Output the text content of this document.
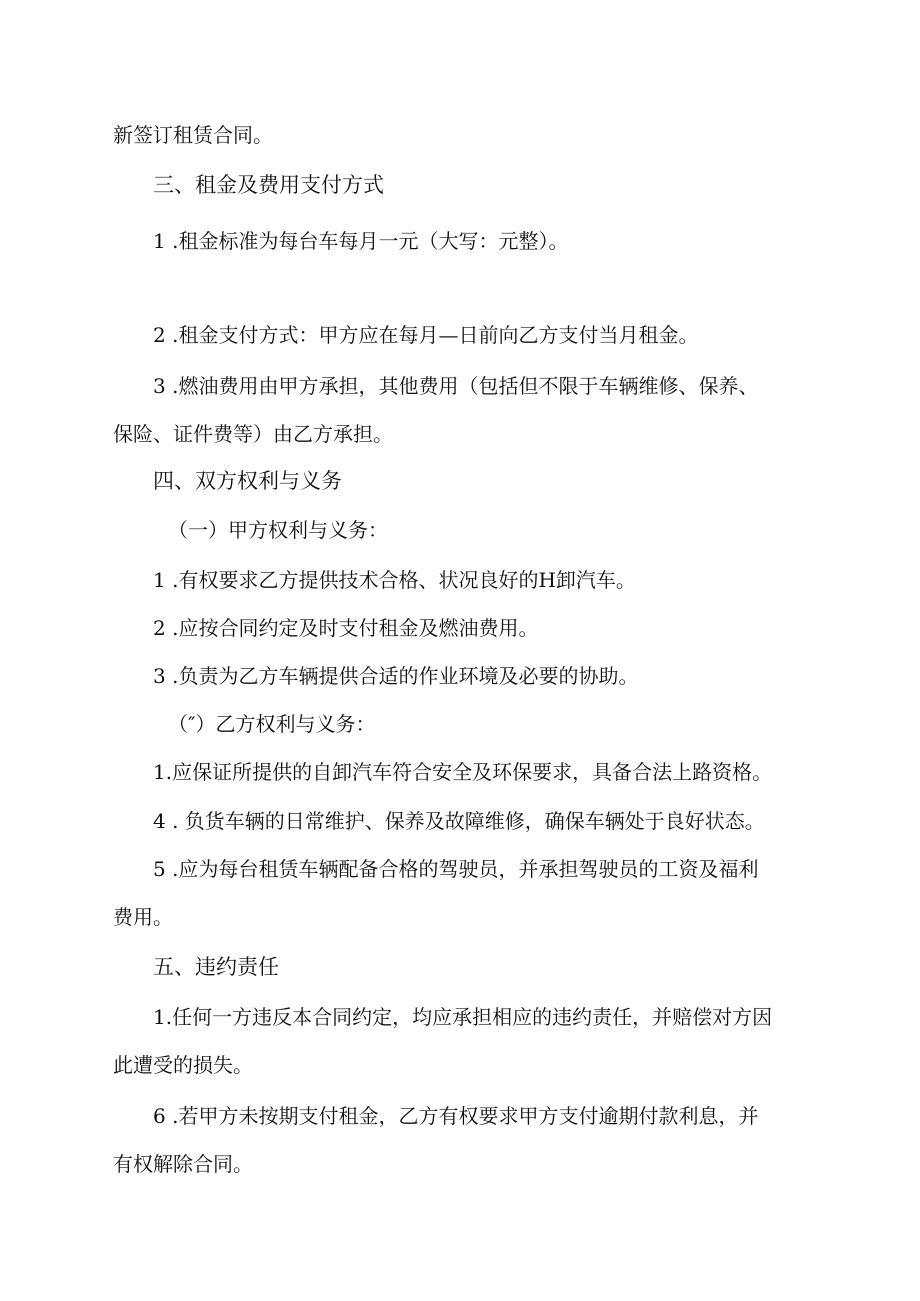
新签订租赁合同。
三、租金及费用支付方式
1 .租金标准为每台车每月一元（大写：元整）。
2 .租金支付方式：甲方应在每月—日前向乙方支付当月租金。
3 .燃油费用由甲方承担，其他费用（包括但不限于车辆维修、保养、
保险、证件费等）由乙方承担。
四、双方权利与义务
（一）甲方权利与义务：
1 .有权要求乙方提供技术合格、状况良好的H卸汽车。
2 .应按合同约定及时支付租金及燃油费用。
3 .负责为乙方车辆提供合适的作业环境及必要的协助。
（″）乙方权利与义务：
1.应保证所提供的自卸汽车符合安全及环保要求，具备合法上路资格。
4 . 负货车辆的日常维护、保养及故障维修，确保车辆处于良好状态。
5 .应为每台租赁车辆配备合格的驾驶员，并承担驾驶员的工资及福利
费用。
五、违约责任
1.任何一方违反本合同约定，均应承担相应的违约责任，并赔偿对方因
此遭受的损失。
6 .若甲方未按期支付租金，乙方有权要求甲方支付逾期付款利息，并
有权解除合同。
